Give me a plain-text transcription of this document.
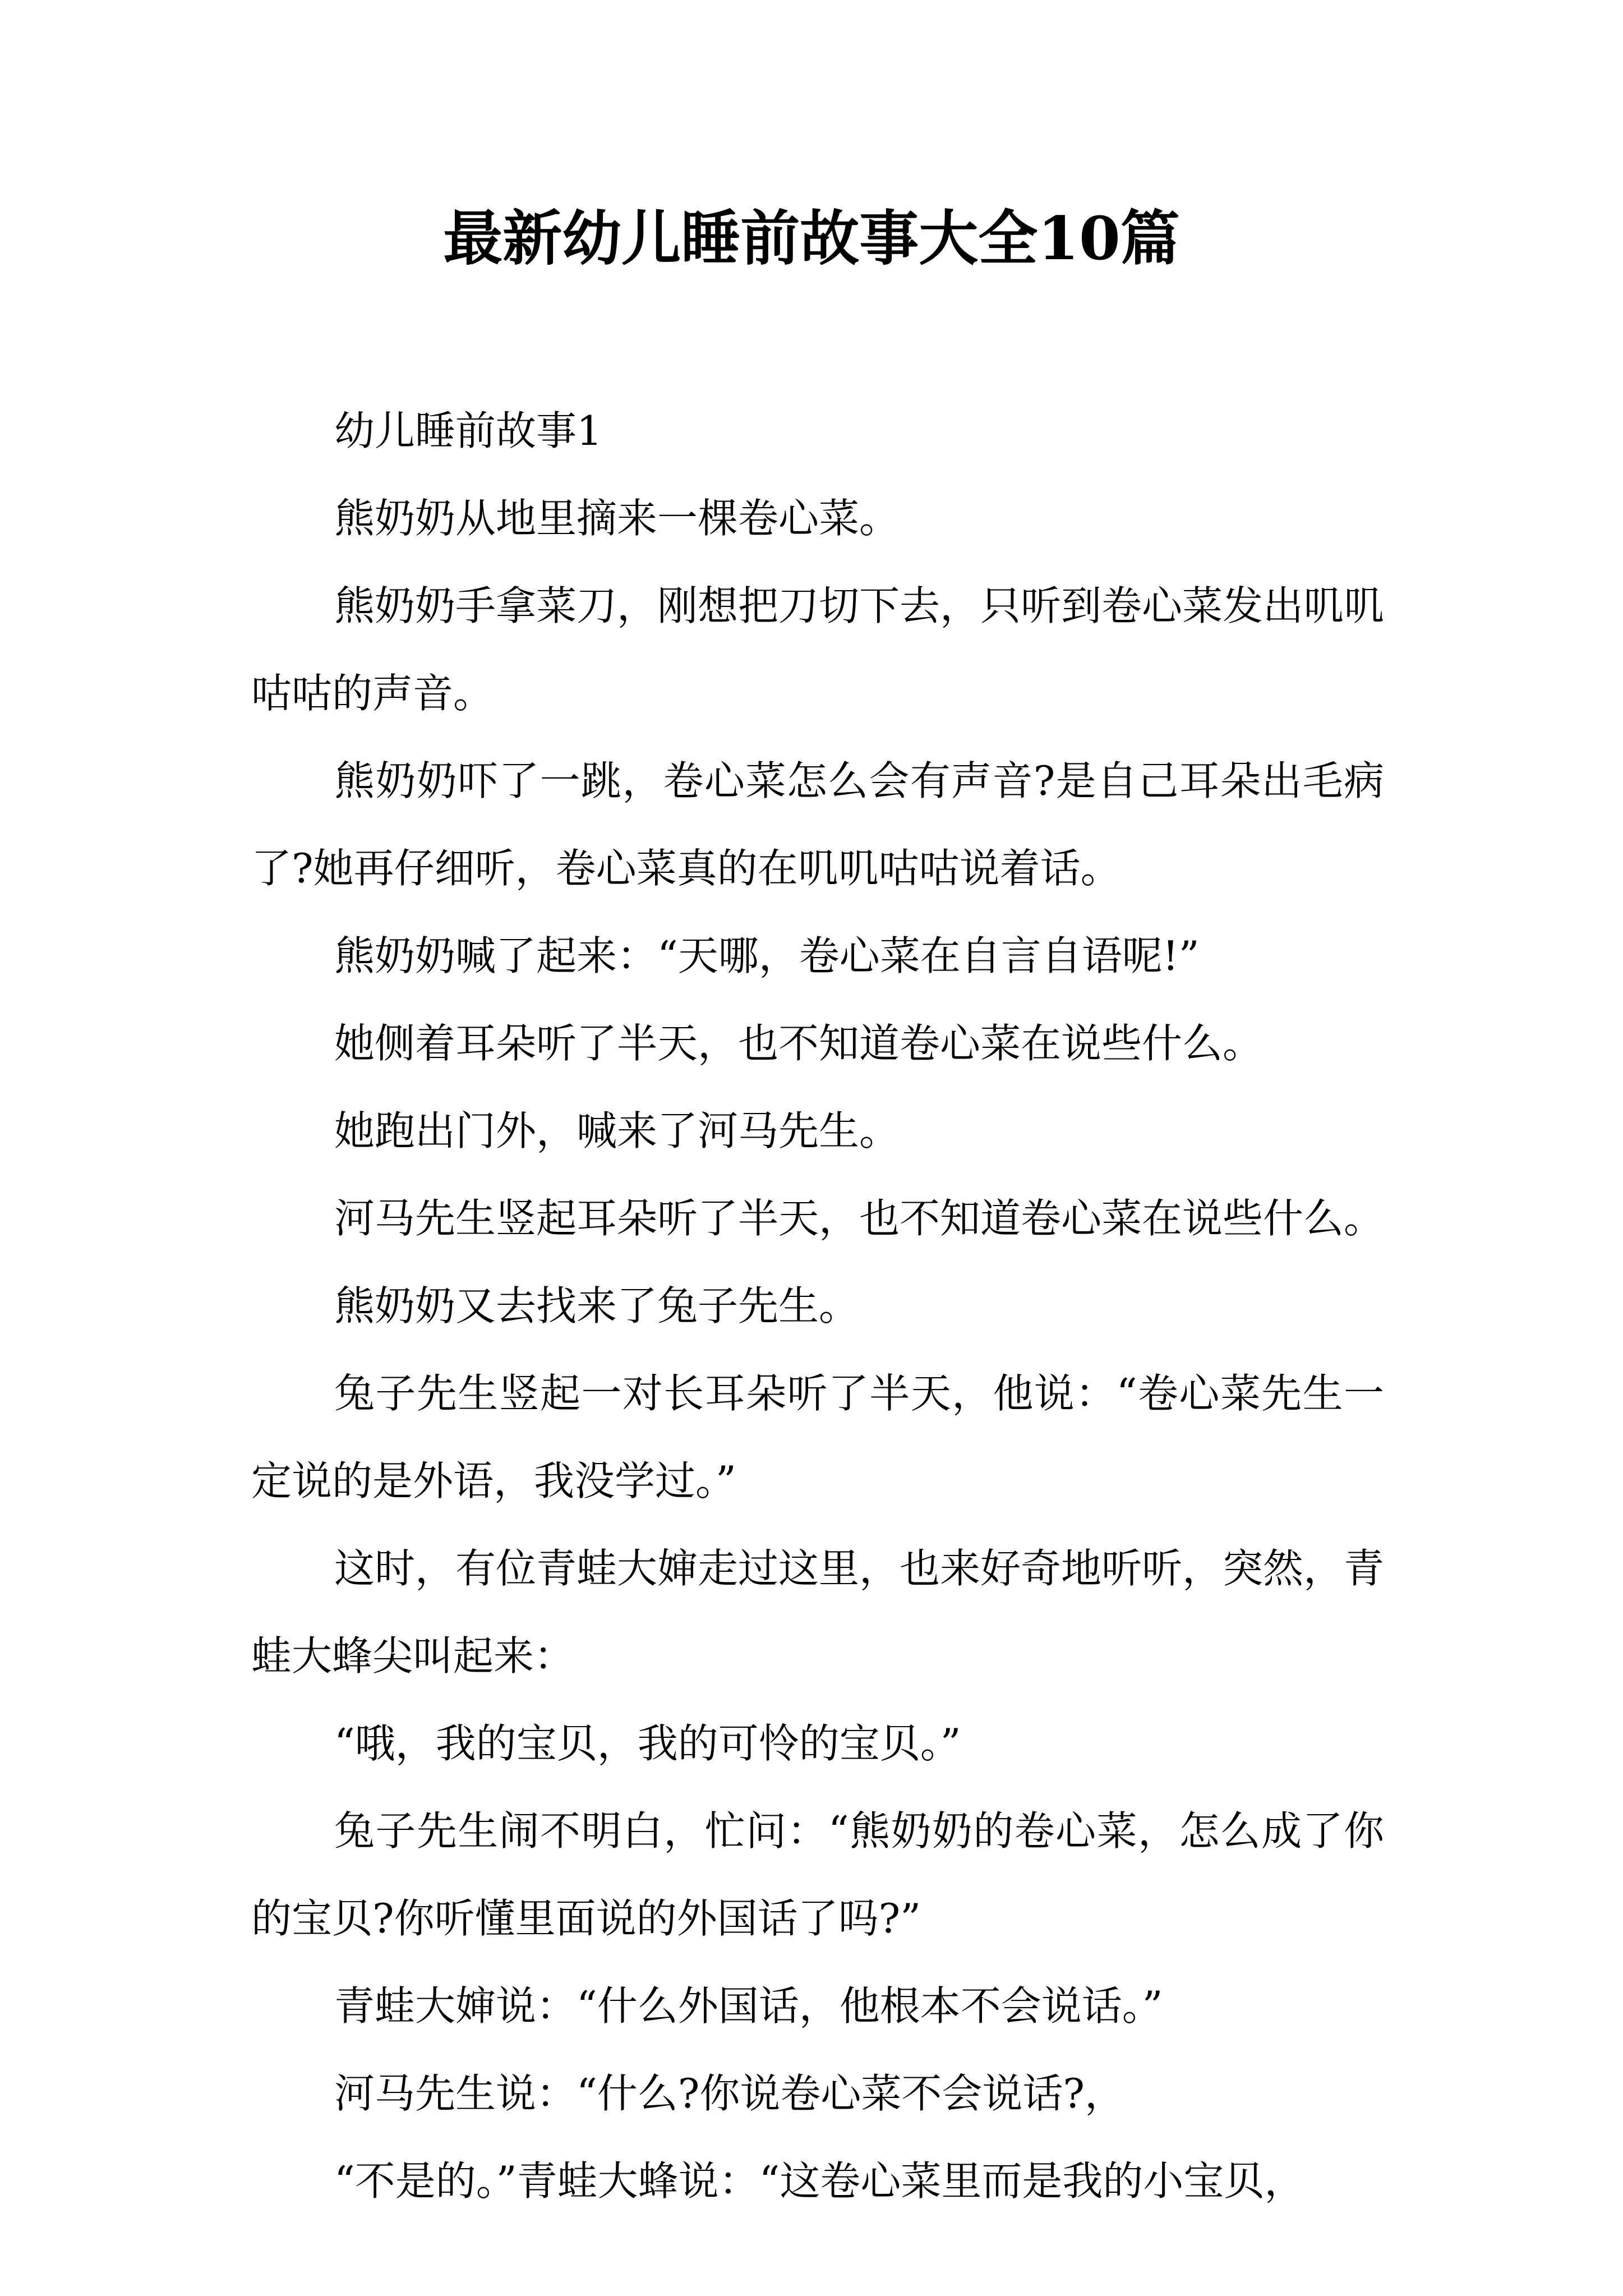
最新幼儿睡前故事大全10篇

幼儿睡前故事1

熊奶奶从地里摘来一棵卷心菜。

熊奶奶手拿菜刀，刚想把刀切下去，只听到卷心菜发出叽叽咕咕的声音。

熊奶奶吓了一跳，卷心菜怎么会有声音?是自己耳朵出毛病了?她再仔细听，卷心菜真的在叽叽咕咕说着话。

熊奶奶喊了起来：“天哪，卷心菜在自言自语呢!”

她侧着耳朵听了半天，也不知道卷心菜在说些什么。

她跑出门外，喊来了河马先生。

河马先生竖起耳朵听了半天，也不知道卷心菜在说些什么。

熊奶奶又去找来了兔子先生。

兔子先生竖起一对长耳朵听了半天，他说：“卷心菜先生一定说的是外语，我没学过。”

这时，有位青蛙大婶走过这里，也来好奇地听听，突然，青蛙大蜂尖叫起来：

“哦，我的宝贝，我的可怜的宝贝。”

兔子先生闹不明白，忙问：“熊奶奶的卷心菜，怎么成了你的宝贝?你听懂里面说的外国话了吗?”

青蛙大婶说：“什么外国话，他根本不会说话。”

河马先生说：“什么?你说卷心菜不会说话?，

“不是的。”青蛙大蜂说：“这卷心菜里而是我的小宝贝，
